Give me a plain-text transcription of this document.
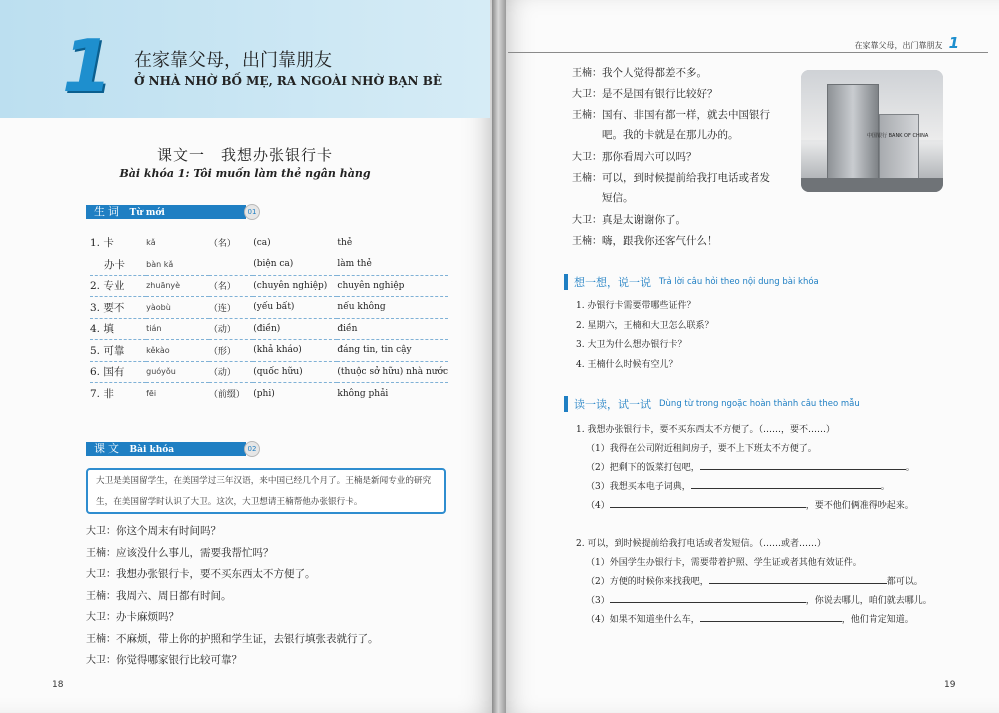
1 在家靠父母，出门靠朋友
Ở NHÀ NHỜ BỐ MẸ, RA NGOÀI NHỜ BẠN BÈ
课文一　我想办张银行卡
Bài khóa 1: Tôi muốn làm thẻ ngân hàng
生词 Từ mới	01
1. 卡	kǎ	（名）	(ca)	thẻ
办卡	bàn kǎ		(biện ca)	làm thẻ
2. 专业	zhuānyè	（名）	(chuyên nghiệp)	chuyên nghiệp
3. 要不	yàobù	（连）	(yếu bất)	nếu không
4. 填	tián	（动）	(điền)	điền
5. 可靠	kěkào	（形）	(khả kháo)	đáng tin, tin cậy
6. 国有	guóyǒu	（动）	(quốc hữu)	(thuộc sở hữu) nhà nước
7. 非	fēi	（前缀）	(phi)	không phải
课文 Bài khóa	02
大卫是美国留学生，在美国学过三年汉语，来中国已经几个月了。王楠是新闻专业的研究生，在美国留学时认识了大卫。这次，大卫想请王楠帮他办张银行卡。
大卫：你这个周末有时间吗？
王楠：应该没什么事儿，需要我帮忙吗？
大卫：我想办张银行卡，要不买东西太不方便了。
王楠：我周六、周日都有时间。
大卫：办卡麻烦吗？
王楠：不麻烦，带上你的护照和学生证，去银行填张表就行了。
大卫：你觉得哪家银行比较可靠？
18
在家靠父母，出门靠朋友 1
王楠：我个人觉得都差不多。
大卫：是不是国有银行比较好？
王楠：国有、非国有都一样，就去中国银行
吧。我的卡就是在那儿办的。
大卫：那你看周六可以吗？
王楠：可以，到时候提前给我打电话或者发
短信。
大卫：真是太谢谢你了。
王楠：嗨，跟我你还客气什么！
中国银行 BANK OF CHINA
想一想，说一说 Trả lời câu hỏi theo nội dung bài khóa
1. 办银行卡需要带哪些证件？
2. 星期六，王楠和大卫怎么联系？
3. 大卫为什么想办银行卡？
4. 王楠什么时候有空儿？
读一读，试一试 Dùng từ trong ngoặc hoàn thành câu theo mẫu
1. 我想办张银行卡，要不买东西太不方便了。（……，要不……）
（1）我得在公司附近租间房子，要不上下班太不方便了。
（2）把剩下的饭菜打包吧，	。
（3）我想买本电子词典，	。
（4）	，要不他们俩准得吵起来。
2. 可以，到时候提前给我打电话或者发短信。（……或者……）
（1）外国学生办银行卡，需要带着护照、学生证或者其他有效证件。
（2）方便的时候你来找我吧，	都可以。
（3）	，你说去哪儿，咱们就去哪儿。
（4）如果不知道坐什么车，	，他们肯定知道。
19
